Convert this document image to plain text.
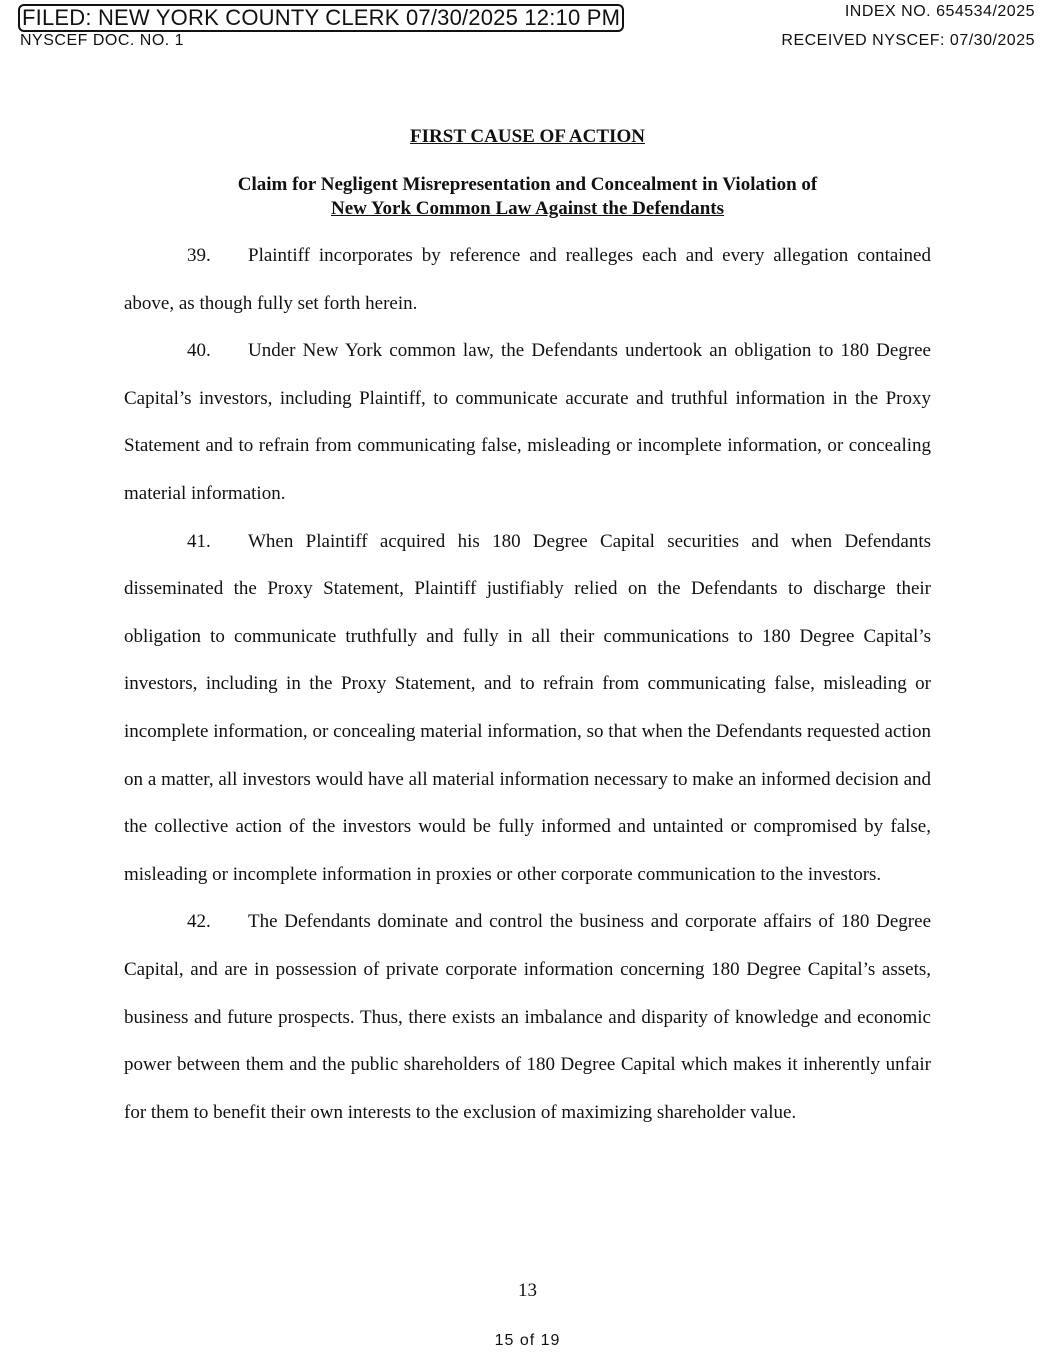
FILED: NEW YORK COUNTY CLERK 07/30/2025 12:10 PM	INDEX NO. 654534/2025
NYSCEF DOC. NO. 1	RECEIVED NYSCEF: 07/30/2025
FIRST CAUSE OF ACTION
Claim for Negligent Misrepresentation and Concealment in Violation of
New York Common Law Against the Defendants

39. Plaintiff incorporates by reference and realleges each and every allegation contained above, as though fully set forth herein.

40. Under New York common law, the Defendants undertook an obligation to 180 Degree Capital’s investors, including Plaintiff, to communicate accurate and truthful information in the Proxy Statement and to refrain from communicating false, misleading or incomplete information, or concealing material information.

41. When Plaintiff acquired his 180 Degree Capital securities and when Defendants disseminated the Proxy Statement, Plaintiff justifiably relied on the Defendants to discharge their obligation to communicate truthfully and fully in all their communications to 180 Degree Capital’s investors, including in the Proxy Statement, and to refrain from communicating false, misleading or incomplete information, or concealing material information, so that when the Defendants requested action on a matter, all investors would have all material information necessary to make an informed decision and the collective action of the investors would be fully informed and untainted or compromised by false, misleading or incomplete information in proxies or other corporate communication to the investors.

42. The Defendants dominate and control the business and corporate affairs of 180 Degree Capital, and are in possession of private corporate information concerning 180 Degree Capital’s assets, business and future prospects. Thus, there exists an imbalance and disparity of knowledge and economic power between them and the public shareholders of 180 Degree Capital which makes it inherently unfair for them to benefit their own interests to the exclusion of maximizing shareholder value.

13
15 of 19
